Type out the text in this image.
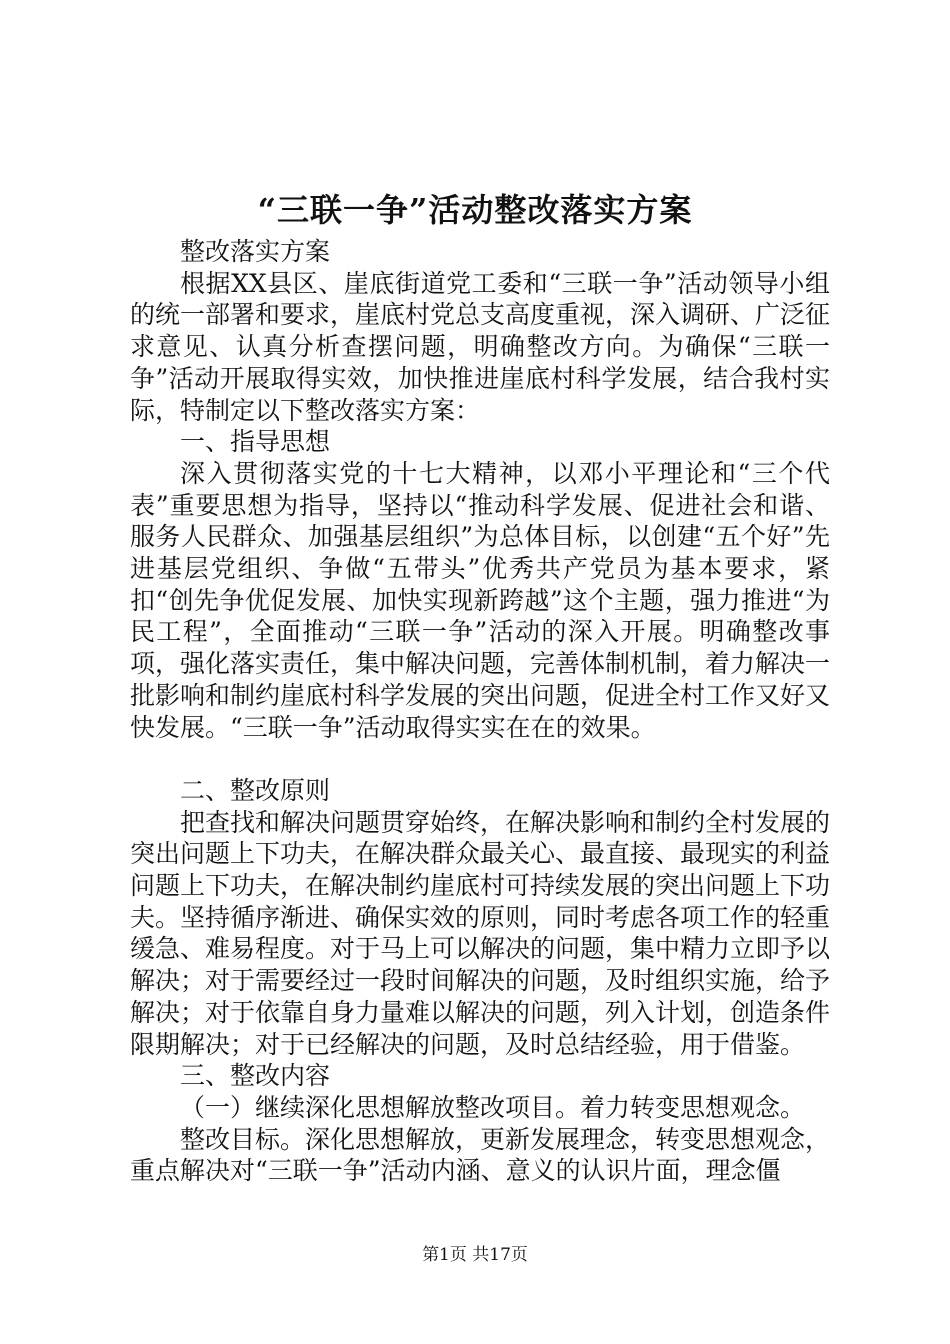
“三联一争”活动整改落实方案

整改落实方案

根据XX县区、崖底街道党工委和“三联一争”活动领导小组的统一部署和要求，崖底村党总支高度重视，深入调研、广泛征求意见、认真分析查摆问题，明确整改方向。为确保“三联一争”活动开展取得实效，加快推进崖底村科学发展，结合我村实际，特制定以下整改落实方案：

一、指导思想

深入贯彻落实党的十七大精神，以邓小平理论和“三个代表”重要思想为指导，坚持以“推动科学发展、促进社会和谐、服务人民群众、加强基层组织”为总体目标，以创建“五个好”先进基层党组织、争做“五带头”优秀共产党员为基本要求，紧扣“创先争优促发展、加快实现新跨越”这个主题，强力推进“为民工程”，全面推动“三联一争”活动的深入开展。明确整改事项，强化落实责任，集中解决问题，完善体制机制，着力解决一批影响和制约崖底村科学发展的突出问题，促进全村工作又好又快发展。“三联一争”活动取得实实在在的效果。

二、整改原则

把查找和解决问题贯穿始终，在解决影响和制约全村发展的突出问题上下功夫，在解决群众最关心、最直接、最现实的利益问题上下功夫，在解决制约崖底村可持续发展的突出问题上下功夫。坚持循序渐进、确保实效的原则，同时考虑各项工作的轻重缓急、难易程度。对于马上可以解决的问题，集中精力立即予以解决；对于需要经过一段时间解决的问题，及时组织实施，给予解决；对于依靠自身力量难以解决的问题，列入计划，创造条件限期解决；对于已经解决的问题，及时总结经验，用于借鉴。

三、整改内容

（一）继续深化思想解放整改项目。着力转变思想观念。

整改目标。深化思想解放，更新发展理念，转变思想观念，重点解决对“三联一争”活动内涵、意义的认识片面，理念僵

第1页 共17页
